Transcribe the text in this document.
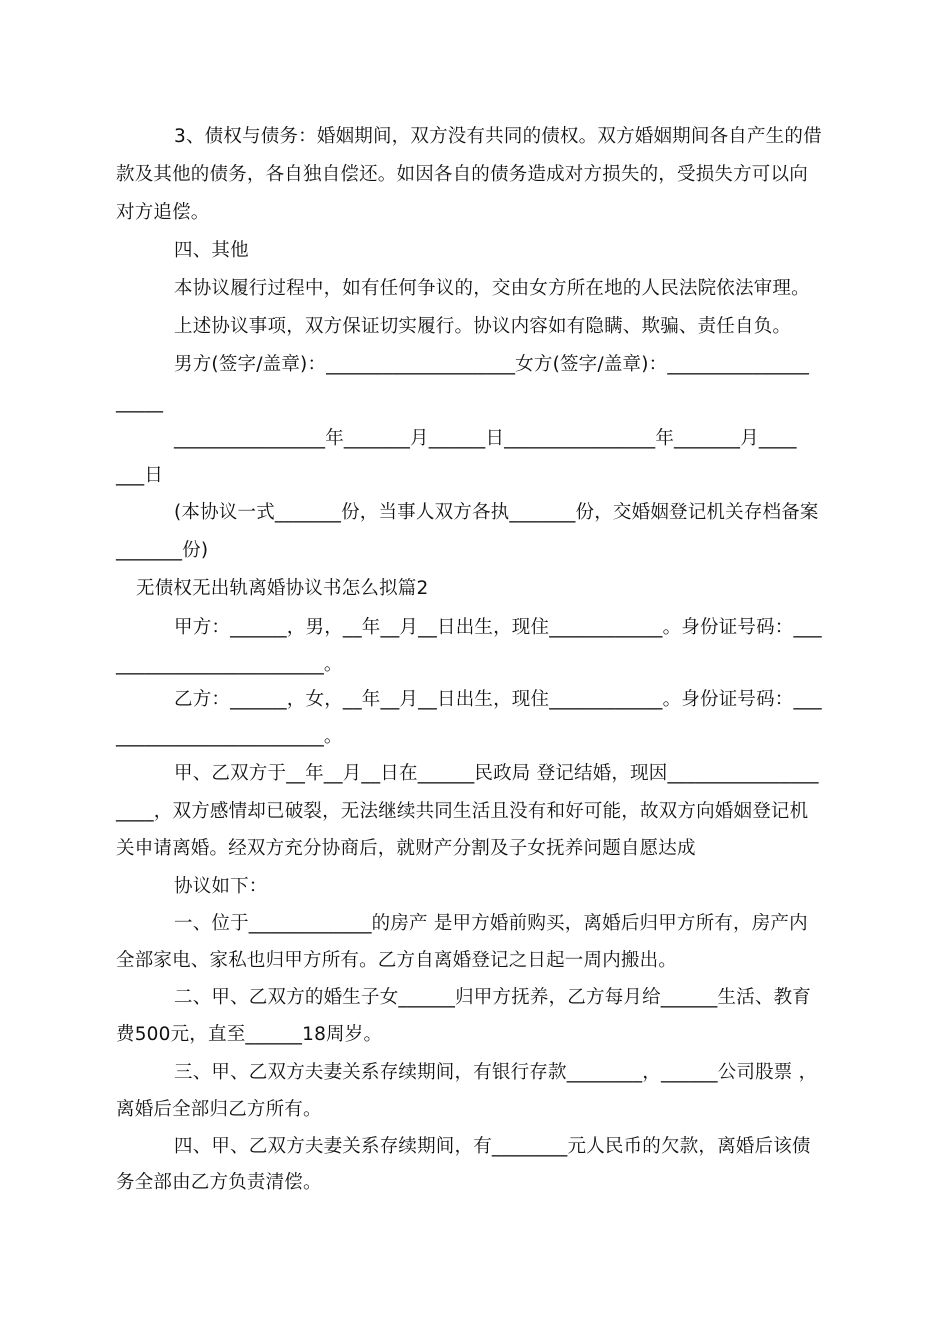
3、债权与债务：婚姻期间，双方没有共同的债权。双方婚姻期间各自产生的借
款及其他的债务，各自独自偿还。如因各自的债务造成对方损失的，受损失方可以向
对方追偿。
四、其他
本协议履行过程中，如有任何争议的，交由女方所在地的人民法院依法审理。
上述协议事项，双方保证切实履行。协议内容如有隐瞒、欺骗、责任自负。
男方(签字/盖章)：____________________女方(签字/盖章)：_______________
_____
________________年_______月______日________________年_______月____
___日
(本协议一式_______份，当事人双方各执_______份，交婚姻登记机关存档备案
_______份)
无债权无出轨离婚协议书怎么拟篇2
甲方：______，男，__年__月__日出生，现住____________。身份证号码：___
______________________。
乙方：______，女，__年__月__日出生，现住____________。身份证号码：___
______________________。
甲、乙双方于__年__月__日在______民政局 登记结婚，现因________________
____，双方感情却已破裂，无法继续共同生活且没有和好可能，故双方向婚姻登记机
关申请离婚。经双方充分协商后，就财产分割及子女抚养问题自愿达成
协议如下：
一、位于_____________的房产 是甲方婚前购买，离婚后归甲方所有，房产内
全部家电、家私也归甲方所有。乙方自离婚登记之日起一周内搬出。
二、甲、乙双方的婚生子女______归甲方抚养，乙方每月给______生活、教育
费500元，直至______18周岁。
三、甲、乙双方夫妻关系存续期间，有银行存款________，______公司股票 ，
离婚后全部归乙方所有。
四、甲、乙双方夫妻关系存续期间，有________元人民币的欠款，离婚后该债
务全部由乙方负责清偿。
